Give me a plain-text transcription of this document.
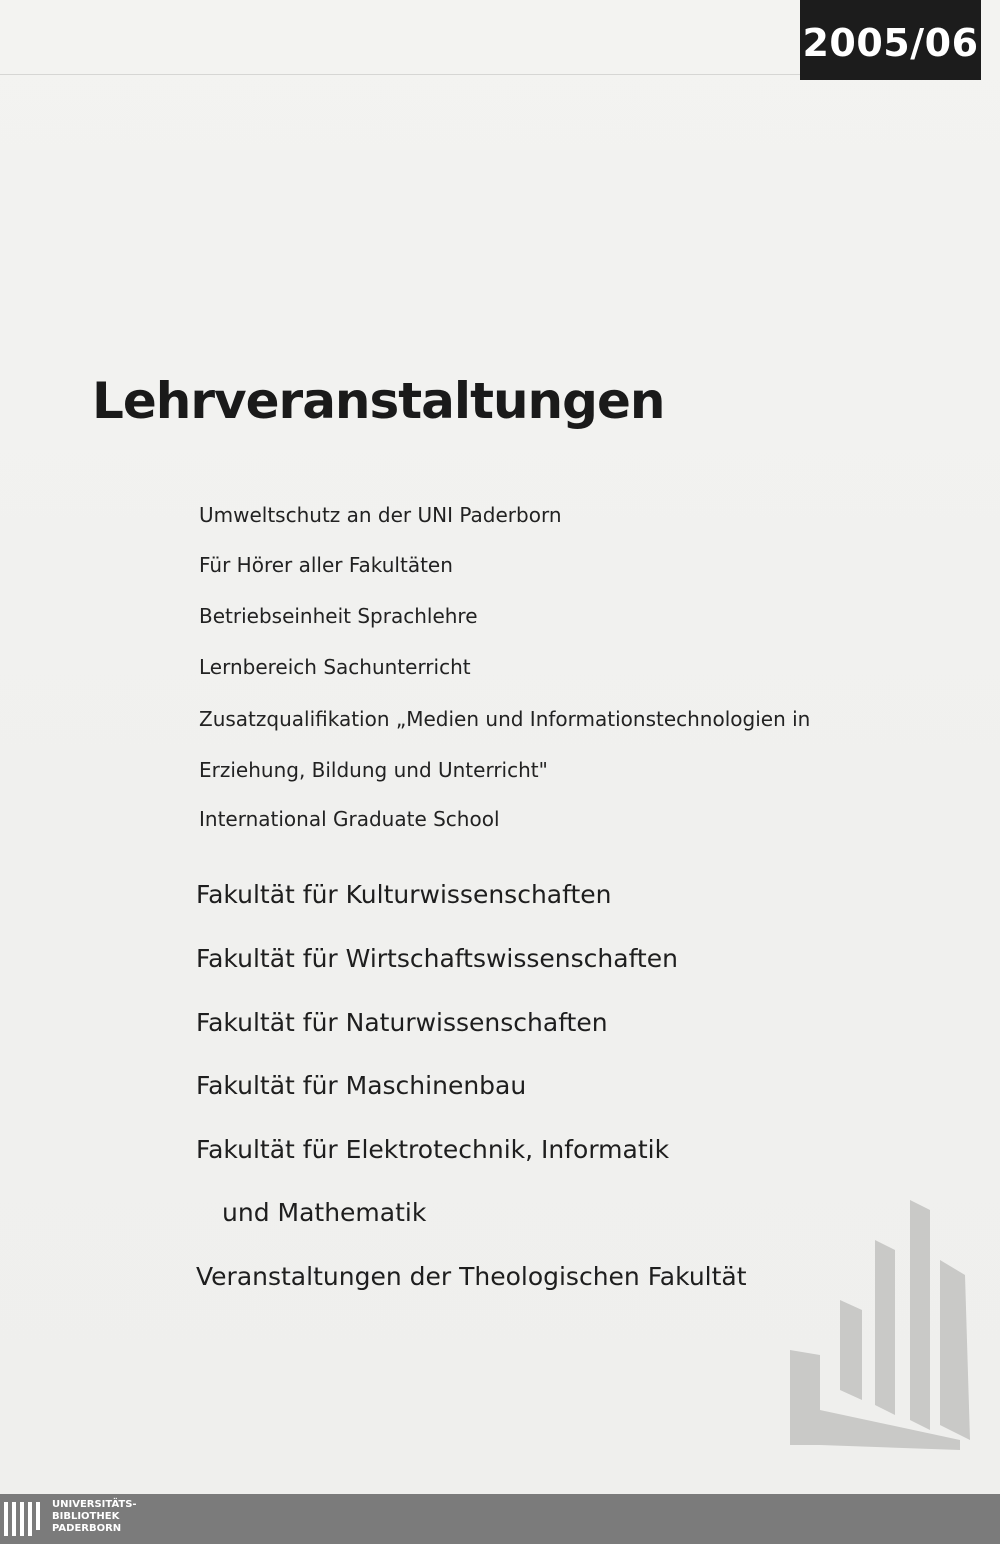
2005/06
Lehrveranstaltungen

Umweltschutz an der UNI Paderborn

Für Hörer aller Fakultäten

Betriebseinheit Sprachlehre

Lernbereich Sachunterricht

Zusatzqualifikation „Medien und Informationstechnologien in

Erziehung, Bildung und Unterricht"

International Graduate School

Fakultät für Kulturwissenschaften

Fakultät für Wirtschaftswissenschaften

Fakultät für Naturwissenschaften

Fakultät für Maschinenbau

Fakultät für Elektrotechnik, Informatik

und Mathematik

Veranstaltungen der Theologischen Fakultät

UNIVERSITÄTS-
BIBLIOTHEK
PADERBORN
